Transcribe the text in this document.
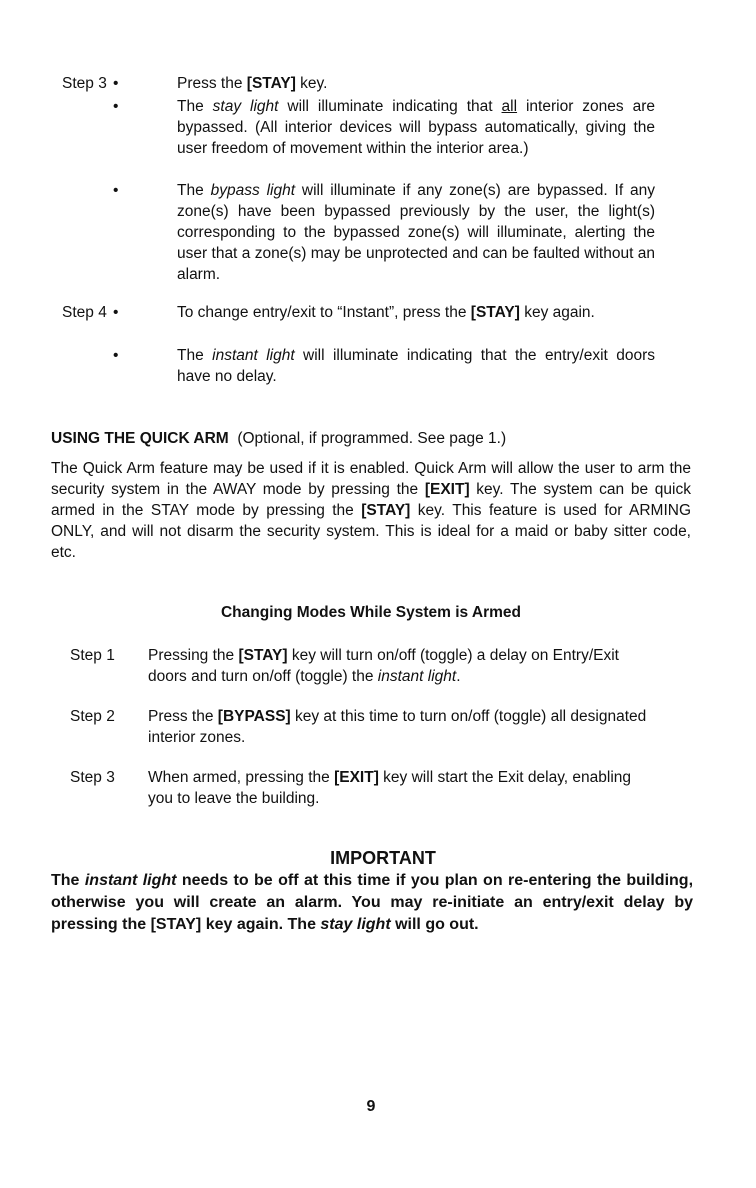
Step 3 •	Press the [STAY] key.
•	The stay light will illuminate indicating that all interior zones are bypassed. (All interior devices will bypass automatically, giving the user freedom of movement within the interior area.)
•	The bypass light will illuminate if any zone(s) are bypassed. If any zone(s) have been bypassed previously by the user, the light(s) corresponding to the bypassed zone(s) will illuminate, alerting the user that a zone(s) may be unprotected and can be faulted without an alarm.
Step 4 •	To change entry/exit to “Instant”, press the [STAY] key again.
•	The instant light will illuminate indicating that the entry/exit doors have no delay.
USING THE QUICK ARM (Optional, if programmed. See page 1.)
The Quick Arm feature may be used if it is enabled. Quick Arm will allow the user to arm the security system in the AWAY mode by pressing the [EXIT] key. The system can be quick armed in the STAY mode by pressing the [STAY] key. This feature is used for ARMING ONLY, and will not disarm the security system. This is ideal for a maid or baby sitter code, etc.
Changing Modes While System is Armed
Step 1 Pressing the [STAY] key will turn on/off (toggle) a delay on Entry/Exit doors and turn on/off (toggle) the instant light.
Step 2 Press the [BYPASS] key at this time to turn on/off (toggle) all designated interior zones.
Step 3 When armed, pressing the [EXIT] key will start the Exit delay, enabling you to leave the building.
IMPORTANT
The instant light needs to be off at this time if you plan on re-entering the building, otherwise you will create an alarm. You may re-initiate an entry/exit delay by pressing the [STAY] key again. The stay light will go out.
9
